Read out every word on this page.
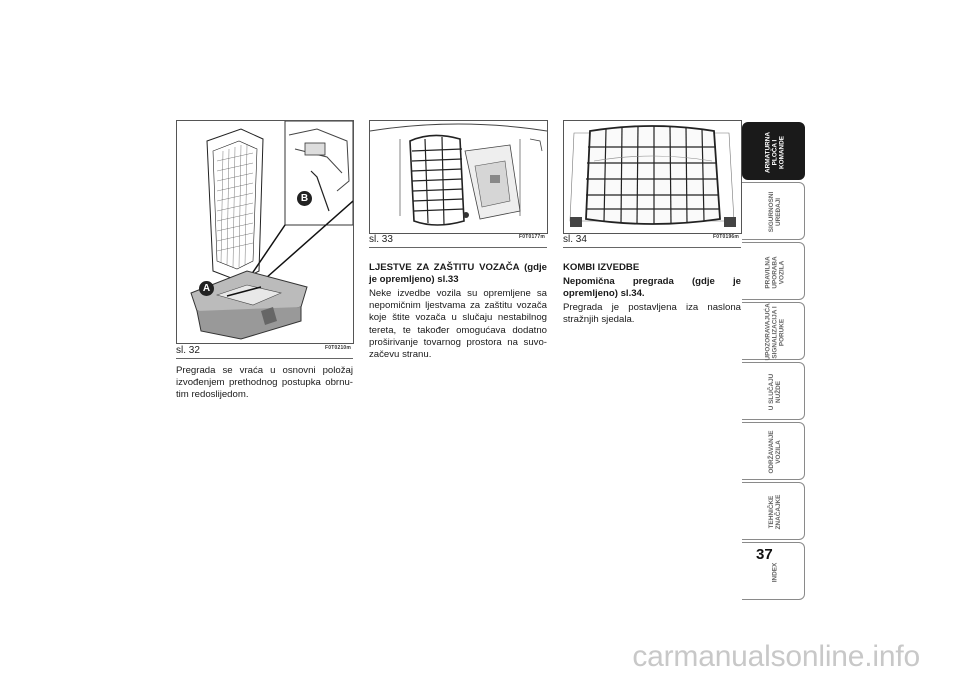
A
B
sl. 32	F0T0210m
sl. 33	F0T0177m sl. 34	F0T0196m

Pregrada se vraća u osnovni položaj izvođenjem prethodnog postupka obrnu-tim redoslijedom.

LJESTVE ZA ZAŠTITU VOZAČA (gdje je opremljeno) sl.33

Neke izvedbe vozila su opremljene sa nepomičnim ljestvama za zaštitu vozača koje štite vozača u slučaju nestabilnog tereta, te također omogućava dodatno proširivanje tovarnog prostora na suvo-začevu stranu.

KOMBI IZVEDBE
Nepomična pregrada (gdje je opremljeno) sl.34.

Pregrada je postavljena iza naslona stražnjih sjedala.

ARMATURNA
PLOČA I
KOMANDE
SIGURNOSNI
UREĐAJI
PRAVILNA
UPORABA
VOZILA
UPOZORAVAJUĆA
SIGNALIZACIJA I
PORUKE
U SLUČAJU
NUŽDE
ODRŽAVANJE
VOZILA
TEHNIČKE
ZNAČAJKE
INDEX
37
carmanualsonline.info
